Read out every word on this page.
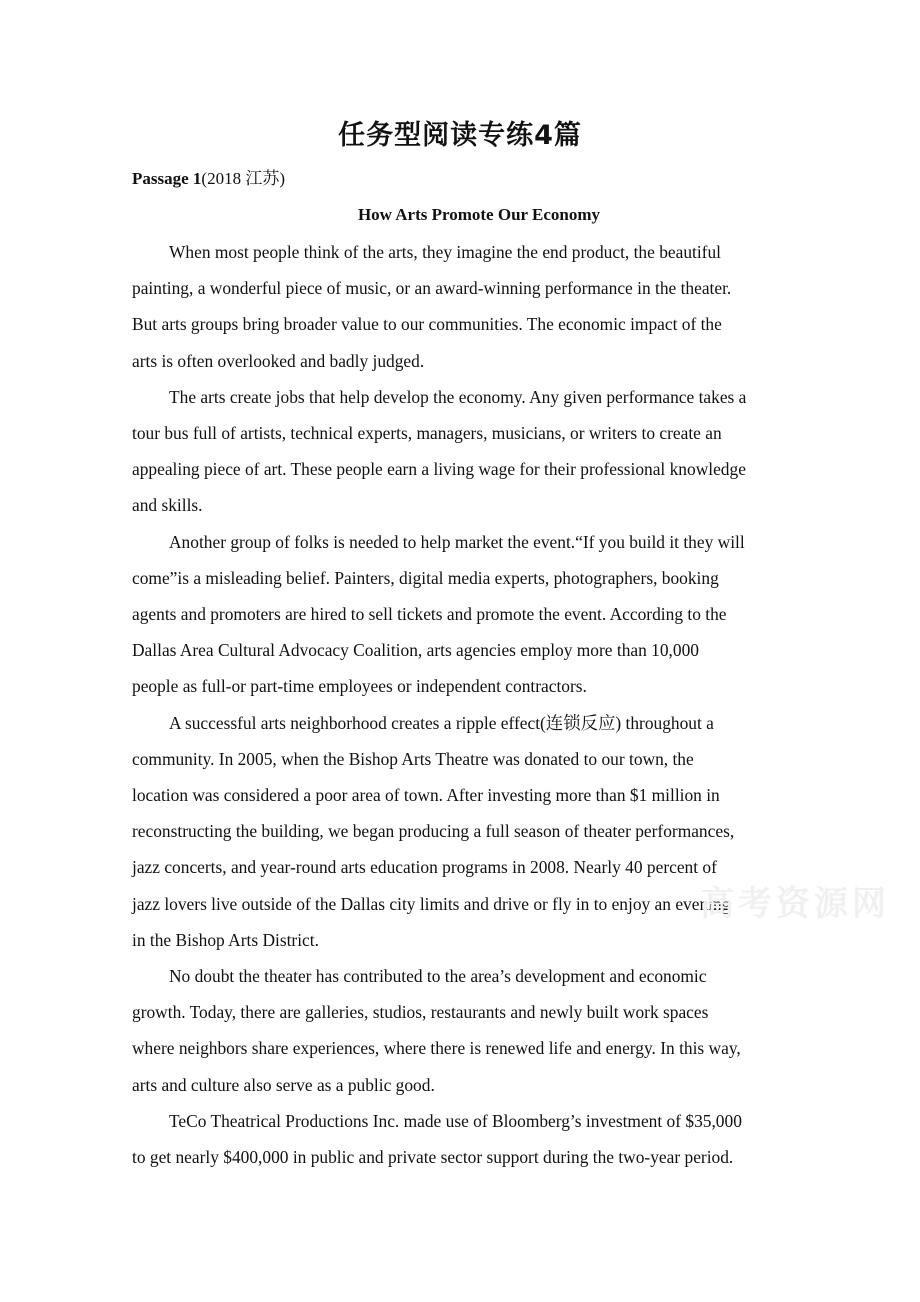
任务型阅读专练4篇
Passage 1(2018 江苏)
How Arts Promote Our Economy

When most people think of the arts, they imagine the end product, the beautiful
painting, a wonderful piece of music, or an award-winning performance in the theater.
But arts groups bring broader value to our communities. The economic impact of the
arts is often overlooked and badly judged.

The arts create jobs that help develop the economy. Any given performance takes a
tour bus full of artists, technical experts, managers, musicians, or writers to create an
appealing piece of art. These people earn a living wage for their professional knowledge
and skills.

Another group of folks is needed to help market the event.“If you build it they will
come”is a misleading belief. Painters, digital media experts, photographers, booking
agents and promoters are hired to sell tickets and promote the event. According to the
Dallas Area Cultural Advocacy Coalition, arts agencies employ more than 10,000
people as full-or part-time employees or independent contractors.

A successful arts neighborhood creates a ripple effect(连锁反应) throughout a
community. In 2005, when the Bishop Arts Theatre was donated to our town, the
location was considered a poor area of town. After investing more than $1 million in
reconstructing the building, we began producing a full season of theater performances,
jazz concerts, and year-round arts education programs in 2008. Nearly 40 percent of
jazz lovers live outside of the Dallas city limits and drive or fly in to enjoy an evening
in the Bishop Arts District.

No doubt the theater has contributed to the area’s development and economic
growth. Today, there are galleries, studios, restaurants and newly built work spaces
where neighbors share experiences, where there is renewed life and energy. In this way,
arts and culture also serve as a public good.

TeCo Theatrical Productions Inc. made use of Bloomberg’s investment of $35,000
to get nearly $400,000 in public and private sector support during the two-year period.

高考资源网
